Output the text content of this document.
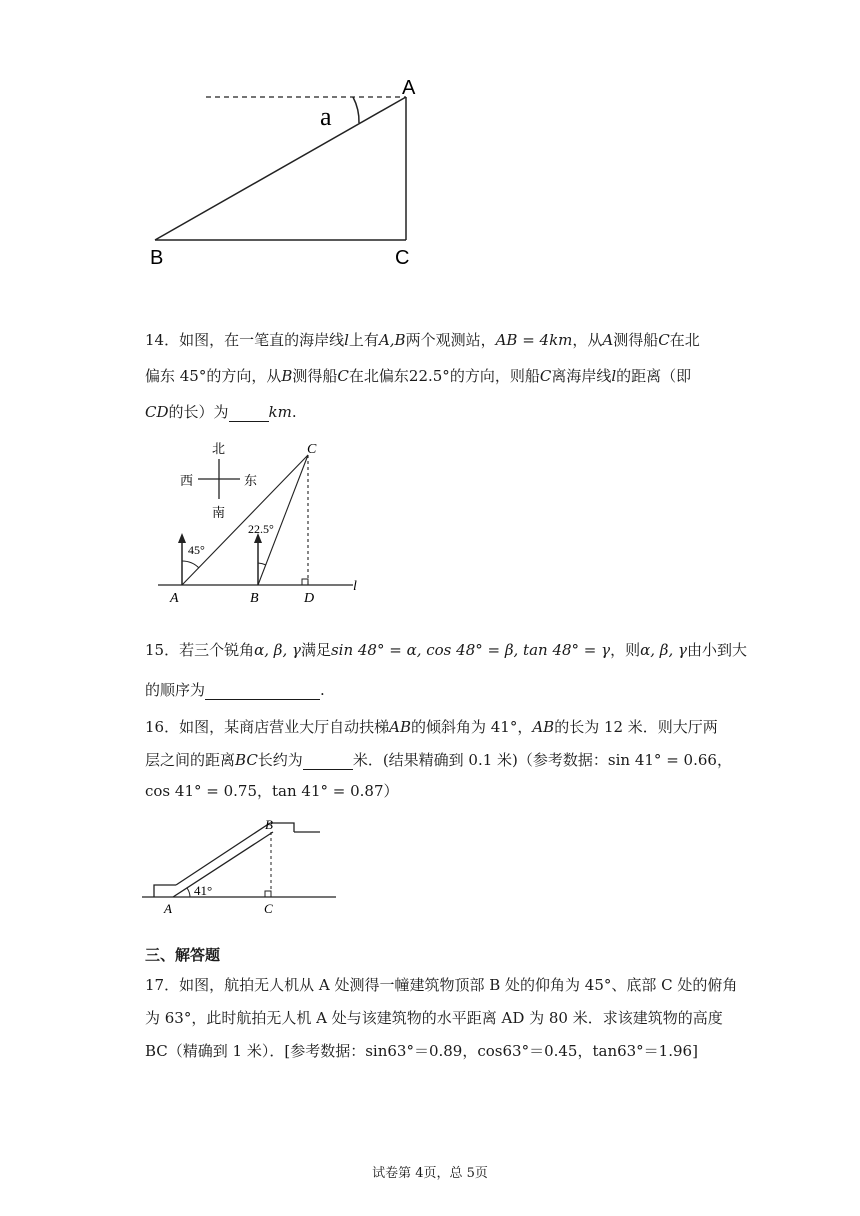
a
A
B	C
14．如图，在一笔直的海岸线l上有A,B两个观测站，AB = 4km，从A测得船C在北
偏东 45°的方向，从B测得船C在北偏东22.5°的方向，则船C离海岸线l的距离（即
CD的长）为	km.
北
南
西	东
45°
22.5°
C
A	B	D
l
15．若三个锐角α, β, γ满足sin 48° = α, cos 48° = β, tan 48° = γ，则α, β, γ由小到大
的顺序为	.
16．如图，某商店营业大厅自动扶梯AB的倾斜角为 41°，AB的长为 12 米．则大厅两
层之间的距离BC长约为	米．(结果精确到 0.1 米)（参考数据：sin 41° = 0.66，
cos 41° = 0.75，tan 41° = 0.87）
41°
A
B
C
三、解答题
17．如图，航拍无人机从 A 处测得一幢建筑物顶部 B 处的仰角为 45°、底部 C 处的俯角
为 63°，此时航拍无人机 A 处与该建筑物的水平距离 AD 为 80 米．求该建筑物的高度
BC（精确到 1 米）．[参考数据：sin63°＝0.89，cos63°＝0.45，tan63°＝1.96]
试卷第 4页，总 5页
